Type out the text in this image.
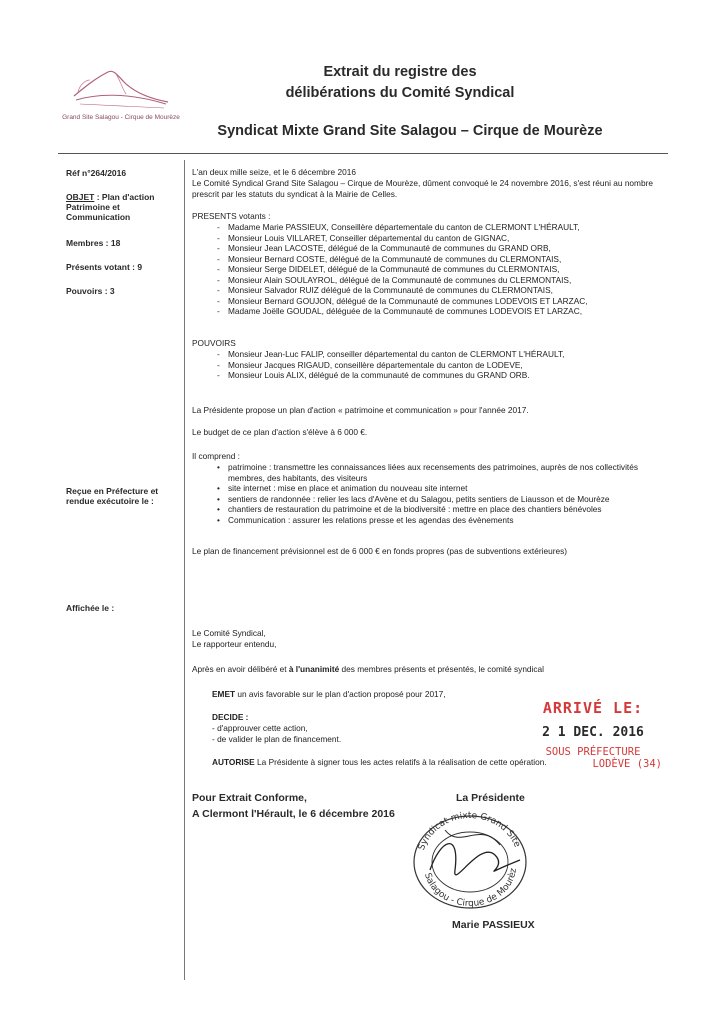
Grand Site Salagou - Cirque de Mourèze
Extrait du registre des
délibérations du Comité Syndical
Syndicat Mixte Grand Site Salagou – Cirque de Mourèze
Réf n°264/2016
OBJET : Plan d'action Patrimoine et Communication
Membres : 18
Présents votant : 9
Pouvoirs : 3
Reçue en Préfecture et rendue exécutoire le :
Affichée le :
L'an deux mille seize, et le 6 décembre 2016
Le Comité Syndical Grand Site Salagou – Cirque de Mourèze, dûment convoqué le 24 novembre 2016, s'est réuni au nombre prescrit par les statuts du syndicat à la Mairie de Celles.
PRESENTS votants :
- Madame Marie PASSIEUX, Conseillère départementale du canton de CLERMONT L'HÉRAULT,
- Monsieur Louis VILLARET, Conseiller départemental du canton de GIGNAC,
- Monsieur Jean LACOSTE, délégué de la Communauté de communes du GRAND ORB,
- Monsieur Bernard COSTE, délégué de la Communauté de communes du CLERMONTAIS,
- Monsieur Serge DIDELET, délégué de la Communauté de communes du CLERMONTAIS,
- Monsieur Alain SOULAYROL, délégué de la Communauté de communes du CLERMONTAIS,
- Monsieur Salvador RUIZ délégué de la Communauté de communes du CLERMONTAIS,
- Monsieur Bernard GOUJON, délégué de la Communauté de communes LODEVOIS ET LARZAC,
- Madame Joëlle GOUDAL, déléguée de la Communauté de communes LODEVOIS ET LARZAC,
POUVOIRS
- Monsieur Jean-Luc FALIP, conseiller départemental du canton de CLERMONT L'HÉRAULT,
- Monsieur Jacques RIGAUD, conseillère départementale du canton de LODEVE,
- Monsieur Louis ALIX, délégué de la communauté de communes du GRAND ORB.
La Présidente propose un plan d'action « patrimoine et communication » pour l'année 2017.
Le budget de ce plan d'action s'élève à 6 000 €.
Il comprend :
• patrimoine : transmettre les connaissances liées aux recensements des patrimoines, auprès de nos collectivités membres, des habitants, des visiteurs
• site internet : mise en place et animation du nouveau site internet
• sentiers de randonnée : relier les lacs d'Avène et du Salagou, petits sentiers de Liausson et de Mourèze
• chantiers de restauration du patrimoine et de la biodiversité : mettre en place des chantiers bénévoles
• Communication : assurer les relations presse et les agendas des évènements
Le plan de financement prévisionnel est de 6 000 € en fonds propres (pas de subventions extérieures)
Le Comité Syndical,
Le rapporteur entendu,
Après en avoir délibéré et à l'unanimité des membres présents et présentés, le comité syndical
EMET un avis favorable sur le plan d'action proposé pour 2017,
DECIDE :
- d'approuver cette action,
- de valider le plan de financement.
AUTORISE La Présidente à signer tous les actes relatifs à la réalisation de cette opération.
ARRIVÉ LE:
2 1 DEC. 2016
SOUS PRÉFECTURE
LODÈVE (34)
Pour Extrait Conforme,
A Clermont l'Hérault, le 6 décembre 2016
La Présidente
Syndicat mixte Grand Site
Salagou - Cirque de Mourèz
Marie PASSIEUX
